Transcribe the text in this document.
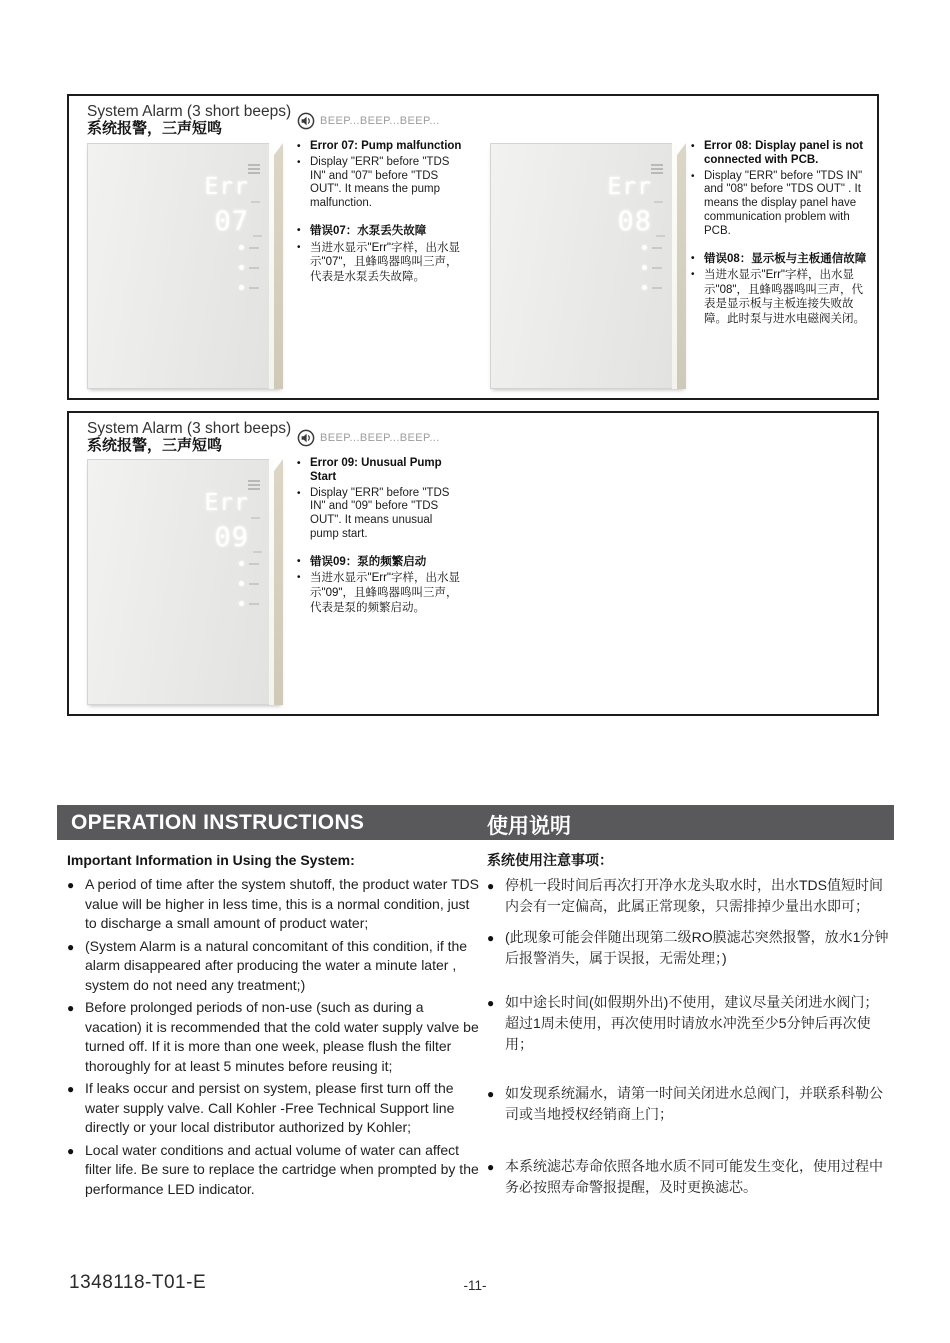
System Alarm (3 short beeps)
系统报警，三声短鸣	BEEP...BEEP...BEEP...
Err
07
• Error 07: Pump malfunction
• Display "ERR" before "TDS IN" and "07" before "TDS OUT". It means the pump malfunction.
• 错误07：水泵丢失故障
• 当进水显示"Err"字样，出水显示"07"，且蜂鸣器鸣叫三声，代表是水泵丢失故障。
Err
08
• Error 08: Display panel is not connected with PCB.
• Display "ERR" before "TDS IN" and "08" before "TDS OUT" . It means the display panel have communication problem with PCB.
• 错误08：显示板与主板通信故障
• 当进水显示"Err"字样，出水显示"08"，且蜂鸣器鸣叫三声，代表是显示板与主板连接失败故障。此时泵与进水电磁阀关闭。
System Alarm (3 short beeps)
系统报警，三声短鸣	BEEP...BEEP...BEEP...
Err
09
• Error 09: Unusual Pump Start
• Display "ERR" before "TDS IN" and "09" before "TDS OUT". It means unusual pump start.
• 错误09：泵的频繁启动
• 当进水显示"Err"字样，出水显示"09"，且蜂鸣器鸣叫三声，代表是泵的频繁启动。
OPERATION INSTRUCTIONS	使用说明
Important Information in Using the System:
● A period of time after the system shutoff, the product water TDS value will be higher in less time, this is a normal condition, just to discharge a small amount of product water;
● (System Alarm is a natural concomitant of this condition, if the alarm disappeared after producing the water a minute later , system do not need any treatment;)
● Before prolonged periods of non-use (such as during a vacation) it is recommended that the cold water supply valve be turned off. If it is more than one week, please flush the filter thoroughly for at least 5 minutes before reusing it;
● If leaks occur and persist on system, please first turn off the water supply valve. Call Kohler -Free Technical Support line directly or your local distributor authorized by Kohler;
● Local water conditions and actual volume of water can affect filter life. Be sure to replace the cartridge when prompted by the performance LED indicator.
系统使用注意事项：
● 停机一段时间后再次打开净水龙头取水时，出水TDS值短时间内会有一定偏高，此属正常现象，只需排掉少量出水即可；
● (此现象可能会伴随出现第二级RO膜滤芯突然报警，放水1分钟后报警消失，属于误报，无需处理；)
● 如中途长时间(如假期外出)不使用，建议尽量关闭进水阀门；超过1周未使用，再次使用时请放水冲洗至少5分钟后再次使用；
● 如发现系统漏水，请第一时间关闭进水总阀门，并联系科勒公司或当地授权经销商上门；
● 本系统滤芯寿命依照各地水质不同可能发生变化，使用过程中务必按照寿命警报提醒，及时更换滤芯。
1348118-T01-E	-11-
